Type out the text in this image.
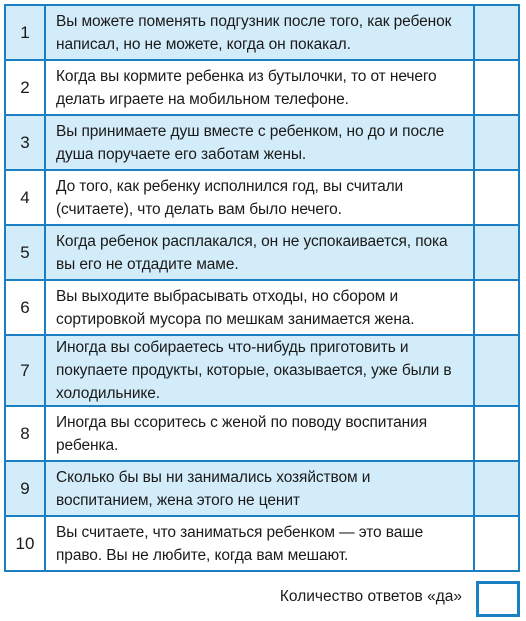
1	Вы можете поменять подгузник после того, как ребенок написал, но не можете, когда он покакал.	
2	Когда вы кормите ребенка из бутылочки, то от нечего делать играете на мобильном телефоне.	
3	Вы принимаете душ вместе с ребенком, но до и после душа поручаете его заботам жены.	
4	До того, как ребенку исполнился год, вы считали (считаете), что делать вам было нечего.	
5	Когда ребенок расплакался, он не успокаивается, пока вы его не отдадите маме.	
6	Вы выходите выбрасывать отходы, но сбором и сортировкой мусора по мешкам занимается жена.	
7	Иногда вы собираетесь что-нибудь приготовить и покупаете продукты, которые, оказывается, уже были в холодильнике.	
8	Иногда вы ссоритесь с женой по поводу воспитания ребенка.	
9	Сколько бы вы ни занимались хозяйством и воспитанием, жена этого не ценит	
10	Вы считаете, что заниматься ребенком — это ваше право. Вы не любите, когда вам мешают.	
Количество ответов «да»
